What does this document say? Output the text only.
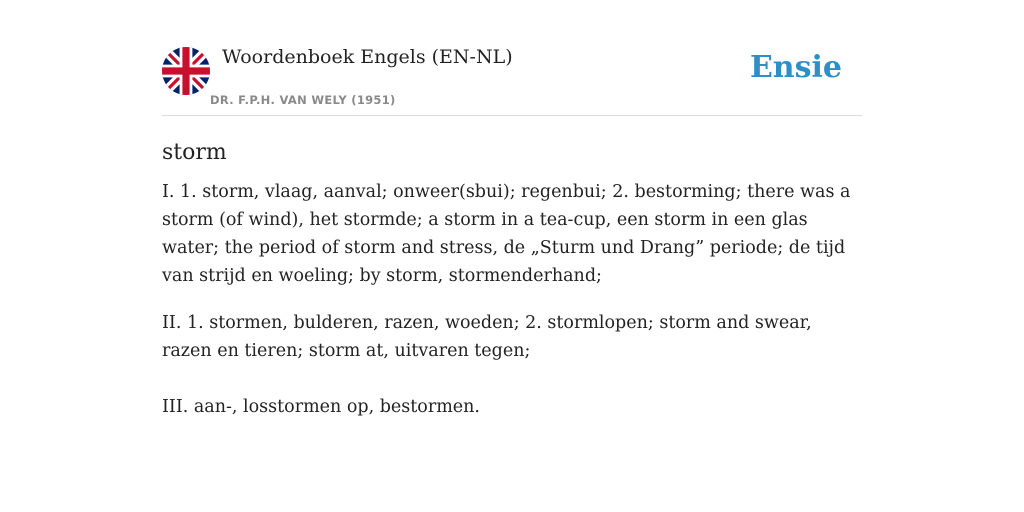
Woordenboek Engels (EN-NL)
DR. F.P.H. VAN WELY (1951)
Ensie
storm

I. 1. storm, vlaag, aanval; onweer(sbui); regenbui; 2. bestorming; there was a storm (of wind), het stormde; a storm in a tea-cup, een storm in een glas water; the period of storm and stress, de „Sturm und Drang” periode; de tijd van strijd en woeling; by storm, stormenderhand;

II. 1. stormen, bulderen, razen, woeden; 2. stormlopen; storm and swear, razen en tieren; storm at, uitvaren tegen;

III. aan-, losstormen op, bestormen.
